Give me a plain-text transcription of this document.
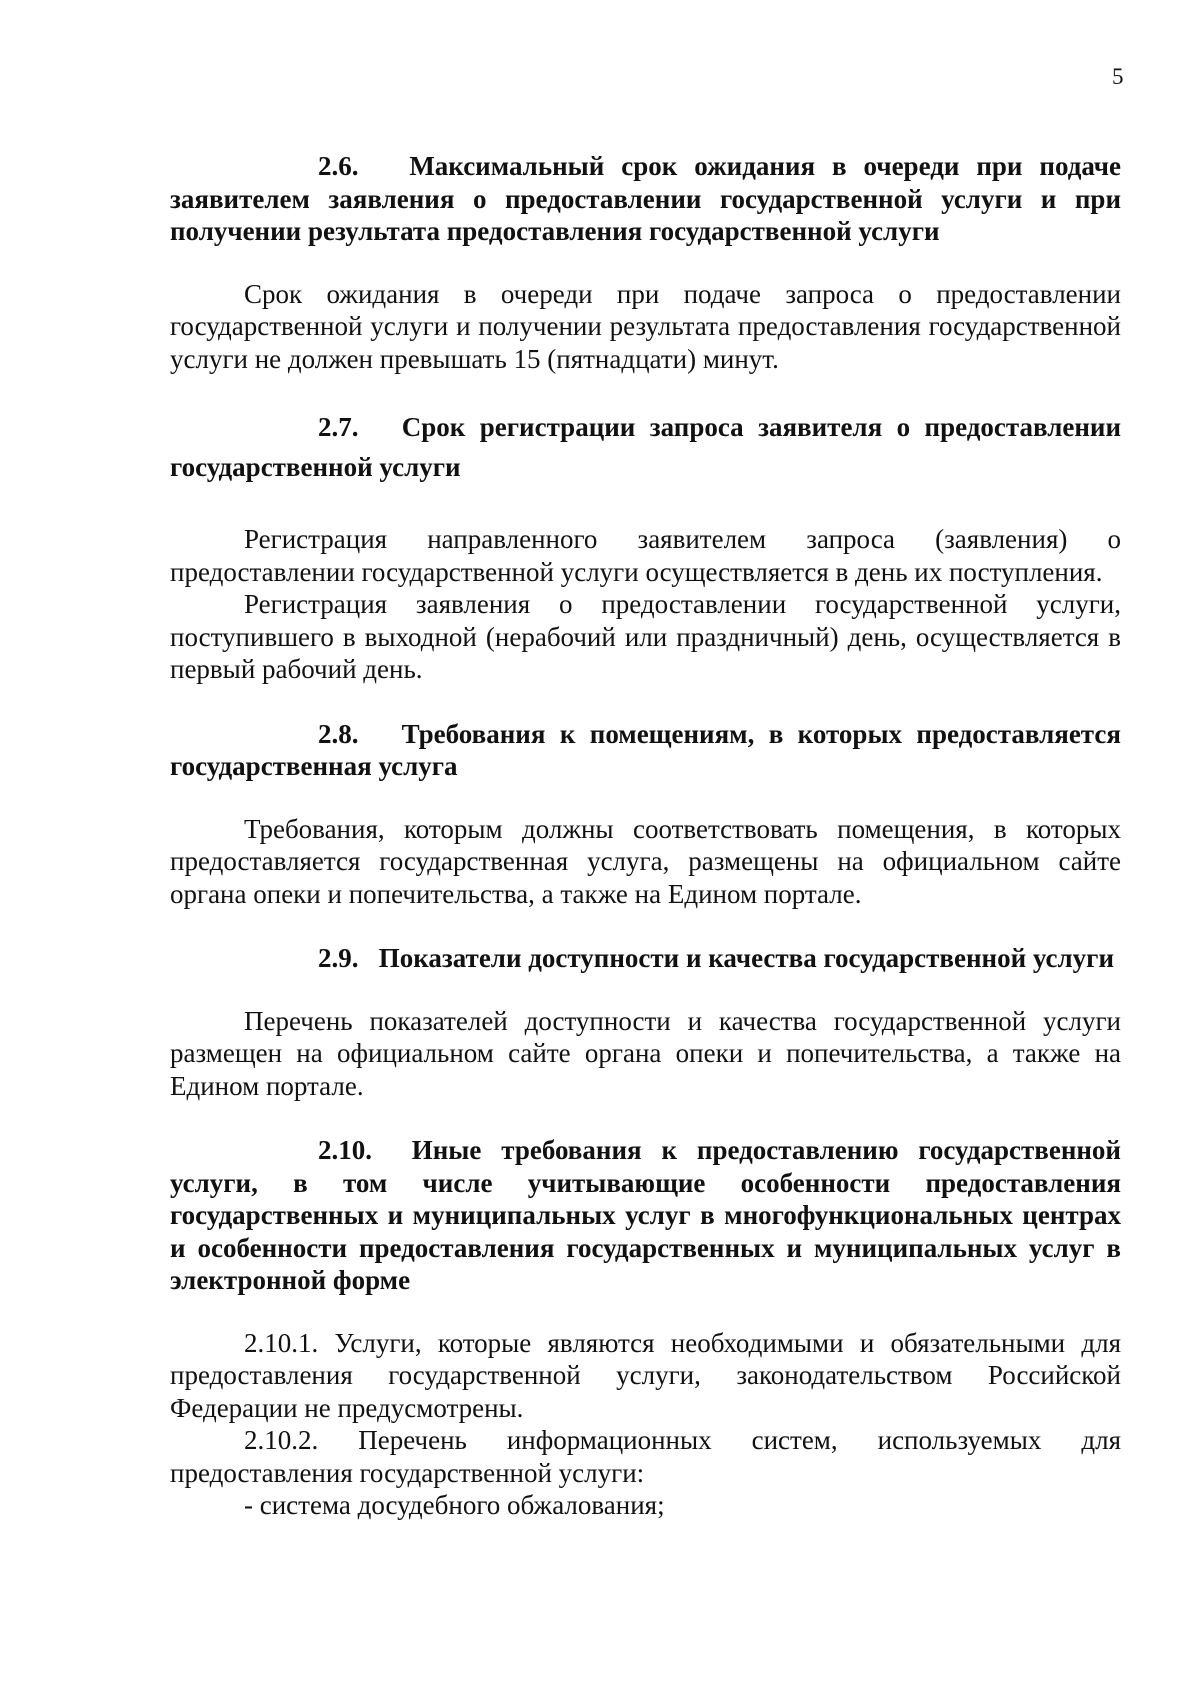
5

2.6. Максимальный срок ожидания в очереди при подаче заявителем заявления о предоставлении государственной услуги и при получении результата предоставления государственной услуги

Срок ожидания в очереди при подаче запроса о предоставлении государственной услуги и получении результата предоставления государственной услуги не должен превышать 15 (пятнадцати) минут.

2.7. Срок регистрации запроса заявителя о предоставлении государственной услуги

Регистрация направленного заявителем запроса (заявления) о предоставлении государственной услуги осуществляется в день их поступления.

Регистрация заявления о предоставлении государственной услуги, поступившего в выходной (нерабочий или праздничный) день, осуществляется в первый рабочий день.

2.8. Требования к помещениям, в которых предоставляется государственная услуга

Требования, которым должны соответствовать помещения, в которых предоставляется государственная услуга, размещены на официальном сайте органа опеки и попечительства, а также на Едином портале.

2.9. Показатели доступности и качества государственной услуги

Перечень показателей доступности и качества государственной услуги размещен на официальном сайте органа опеки и попечительства, а также на Едином портале.

2.10. Иные требования к предоставлению государственной услуги, в том числе учитывающие особенности предоставления государственных и муниципальных услуг в многофункциональных центрах и особенности предоставления государственных и муниципальных услуг в электронной форме

2.10.1. Услуги, которые являются необходимыми и обязательными для предоставления государственной услуги, законодательством Российской Федерации не предусмотрены.

2.10.2. Перечень информационных систем, используемых для предоставления государственной услуги:

- система досудебного обжалования;
